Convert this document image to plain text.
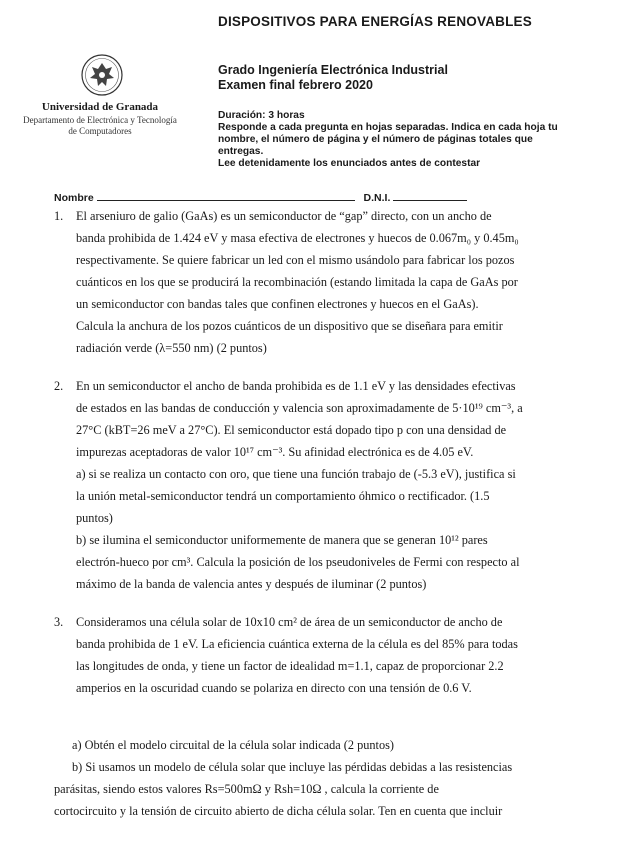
DISPOSITIVOS PARA ENERGÍAS RENOVABLES
Universidad de Granada
Departamento de Electrónica y Tecnología
de Computadores
Grado Ingeniería Electrónica Industrial
Examen final febrero 2020
Duración: 3 horas
Responde a cada pregunta en hojas separadas. Indica en cada hoja tu
nombre, el número de página y el número de páginas totales que
entregas.
Lee detenidamente los enunciados antes de contestar
Nombre	D.N.I.
1. El arseniuro de galio (GaAs) es un semiconductor de “gap” directo, con un ancho de

banda prohibida de 1.424 eV y masa efectiva de electrones y huecos de 0.067m₀ y 0.45m₀

respectivamente. Se quiere fabricar un led con el mismo usándolo para fabricar los pozos

cuánticos en los que se producirá la recombinación (estando limitada la capa de GaAs por

un semiconductor con bandas tales que confinen electrones y huecos en el GaAs).

Calcula la anchura de los pozos cuánticos de un dispositivo que se diseñara para emitir

radiación verde (λ=550 nm) (2 puntos)

2. En un semiconductor el ancho de banda prohibida es de 1.1 eV y las densidades efectivas

de estados en las bandas de conducción y valencia son aproximadamente de 5·10¹⁹ cm⁻³, a

27°C (kBT=26 meV a 27°C). El semiconductor está dopado tipo p con una densidad de

impurezas aceptadoras de valor 10¹⁷ cm⁻³. Su afinidad electrónica es de 4.05 eV.

a) si se realiza un contacto con oro, que tiene una función trabajo de (-5.3 eV), justifica si

la unión metal-semiconductor tendrá un comportamiento óhmico o rectificador. (1.5

puntos)

b) se ilumina el semiconductor uniformemente de manera que se generan 10¹² pares

electrón-hueco por cm³. Calcula la posición de los pseudoniveles de Fermi con respecto al

máximo de la banda de valencia antes y después de iluminar (2 puntos)

3. Consideramos una célula solar de 10x10 cm² de área de un semiconductor de ancho de

banda prohibida de 1 eV. La eficiencia cuántica externa de la célula es del 85% para todas

las longitudes de onda, y tiene un factor de idealidad m=1.1, capaz de proporcionar 2.2

amperios en la oscuridad cuando se polariza en directo con una tensión de 0.6 V.

a) Obtén el modelo circuital de la célula solar indicada (2 puntos)

b) Si usamos un modelo de célula solar que incluye las pérdidas debidas a las resistencias

parásitas, siendo estos valores Rs=500mΩ y Rsh=10Ω , calcula la corriente de

cortocircuito y la tensión de circuito abierto de dicha célula solar. Ten en cuenta que incluir
